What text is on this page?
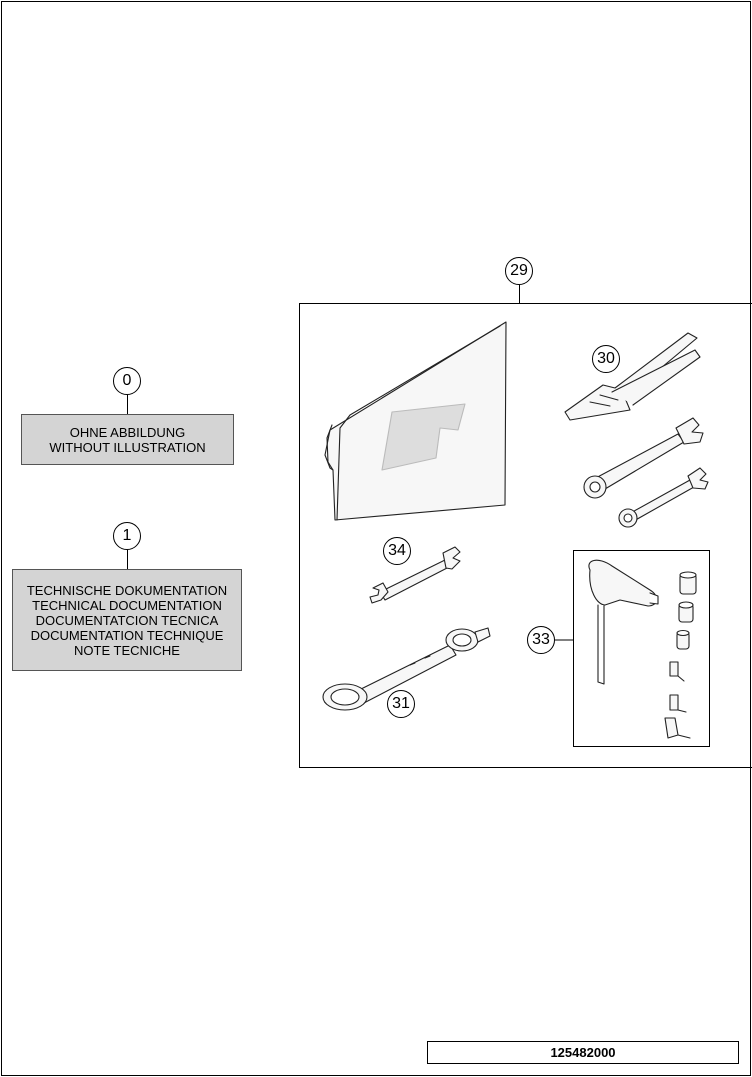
0
OHNE ABBILDUNG
WITHOUT ILLUSTRATION
1
TECHNISCHE DOKUMENTATION
TECHNICAL DOCUMENTATION
DOCUMENTATCION TECNICA
DOCUMENTATION TECHNIQUE
NOTE TECNICHE
29
30
34
31
33
125482000
